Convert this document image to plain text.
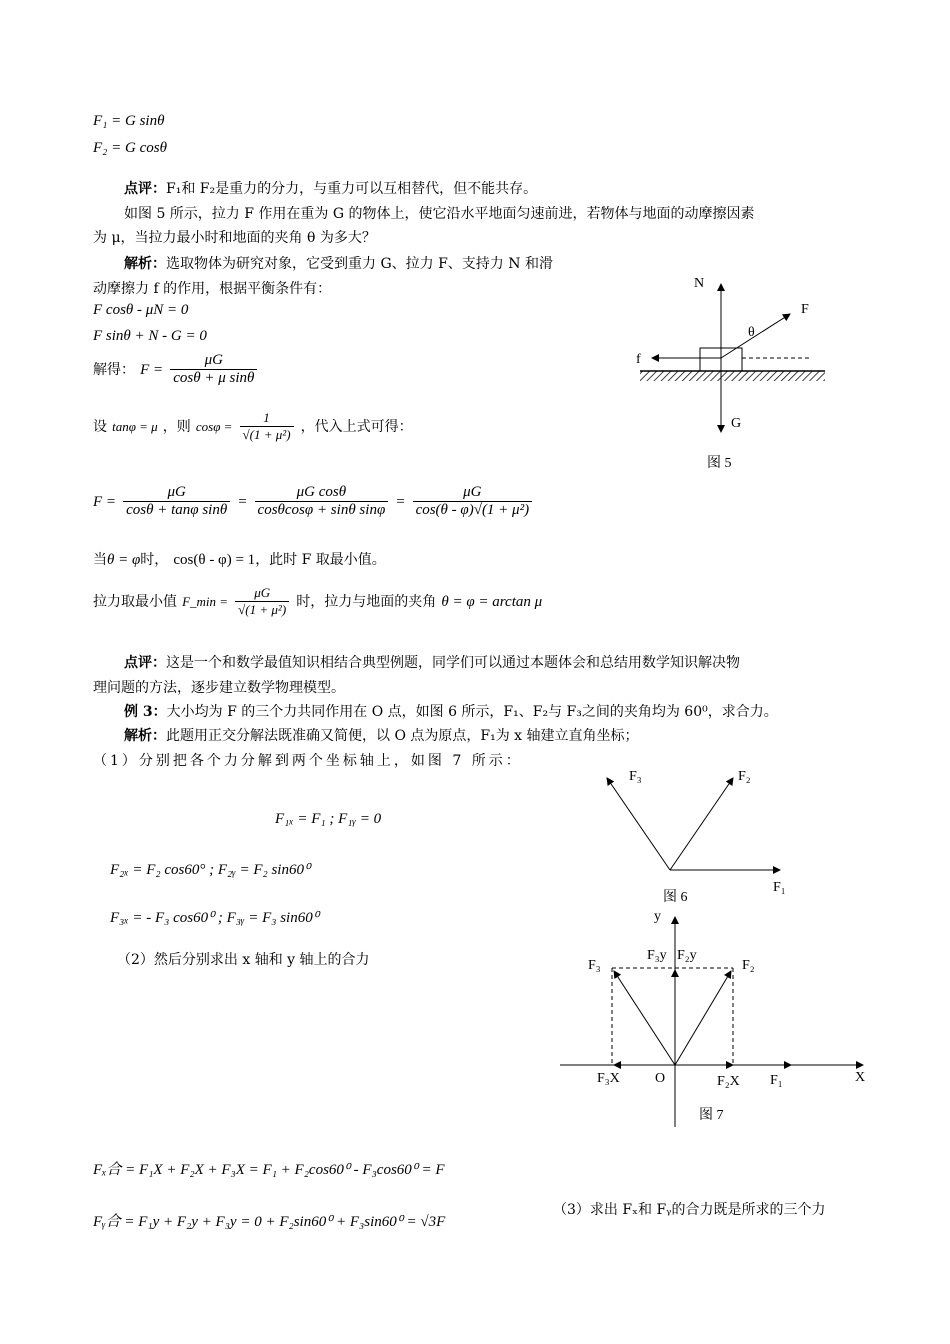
F₁ = G sinθ
F₂ = G cosθ
点评：F₁和 F₂是重力的分力，与重力可以互相替代，但不能共存。
如图 5 所示，拉力 F 作用在重为 G 的物体上，使它沿水平地面匀速前进，若物体与地面的动摩擦因素
为 μ，当拉力最小时和地面的夹角 θ 为多大？
解析：选取物体为研究对象，它受到重力 G、拉力 F、支持力 N 和滑
动摩擦力 f 的作用，根据平衡条件有：
F cosθ - μN = 0
F sinθ + N - G = 0
解得： $F = \frac{\mu G}{\text{cosθ + μ sinθ}}$
设 tanφ = μ ，则 $\cos\varphi = \frac{1}{\text{√(1 + μ²)}}$ ，代入上式可得：
$F = \frac{\mu G}{\text{cosθ + tanφ sinθ}} = \frac{\text{μG cosθ}}{\text{cosθcosφ + sinθ sinφ}} = \frac{\mu G}{\text{cos(θ - φ)√(1 + μ²)}}$
当θ = φ时， cos(θ - φ) = 1，此时 F 取最小值。
拉力取最小值 F_min = $\frac{\mu G}{\text{√(1 + μ²)}}$ 时，拉力与地面的夹角 θ = φ = arctan μ
N
F
θ
f
G
图 5
点评：这是一个和数学最值知识相结合典型例题，同学们可以通过本题体会和总结用数学知识解决物
理问题的方法，逐步建立数学物理模型。
例 3：大小均为 F 的三个力共同作用在 O 点，如图 6 所示，F₁、F₂与 F₃之间的夹角均为 60⁰，求合力。
解析：此题用正交分解法既准确又简便，以 O 点为原点，F₁为 x 轴建立直角坐标；
（1）分别把各个力分解到两个坐标轴上，如图 7 所示：
F₁ₓ = F₁ ; F₁ᵧ = 0
F₂ₓ = F₂ cos60° ; F₂ᵧ = F₂ sin60⁰
F₃ₓ = - F₃ cos60⁰ ; F₃ᵧ = F₃ sin60⁰
（2）然后分别求出 x 轴和 y 轴上的合力
F₁
F₂
F₃
图 6
y
X
O	F₁
F₂
F₃
F₂X
F₃X
F₂y
F₃y
图 7
Fₓ合 = F₁X + F₂X + F₃X = F₁ + F₂cos60⁰ - F₃cos60⁰ = F
Fᵧ合 = F₁y + F₂y + F₃y = 0 + F₂sin60⁰ + F₃sin60⁰ = √3F
（3）求出 Fₓ和 Fᵧ的合力既是所求的三个力
